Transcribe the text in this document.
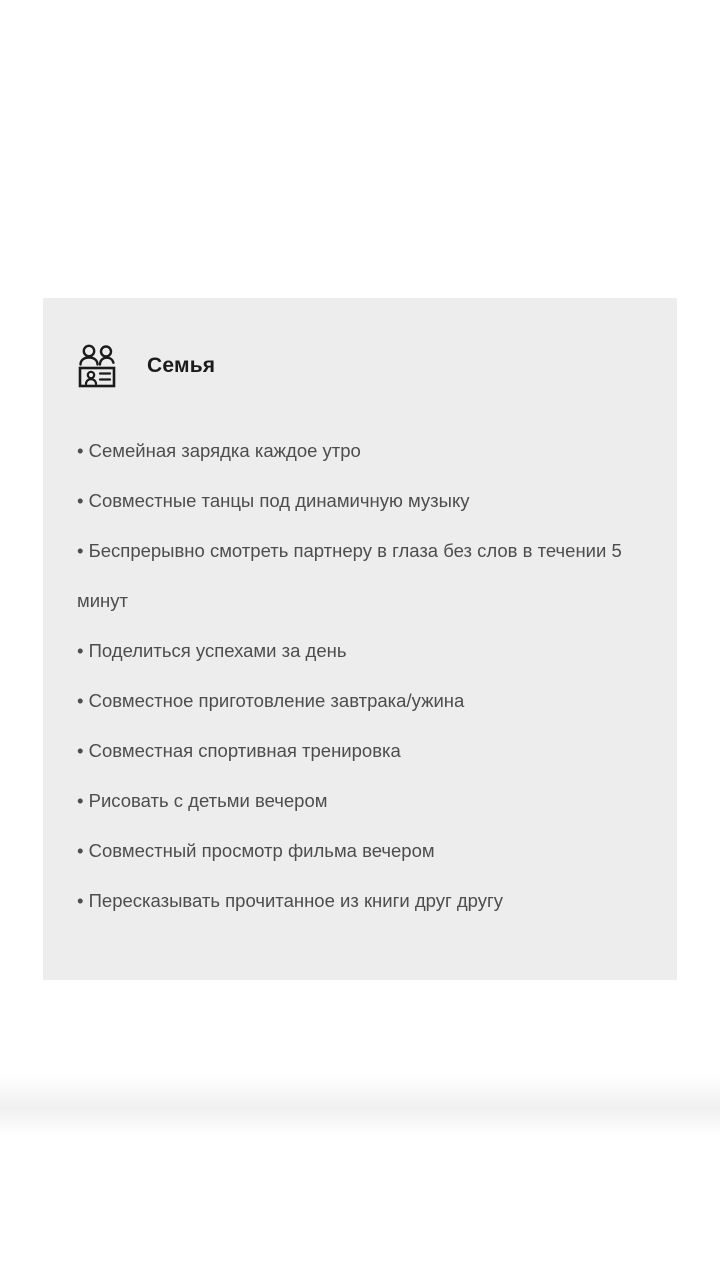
Семья
• Семейная зарядка каждое утро
• Совместные танцы под динамичную музыку
• Беспрерывно смотреть партнеру в глаза без слов в течении 5 минут
• Поделиться успехами за день
• Совместное приготовление завтрака/ужина
• Совместная спортивная тренировка
• Рисовать с детьми вечером
• Совместный просмотр фильма вечером
• Пересказывать прочитанное из книги друг другу
